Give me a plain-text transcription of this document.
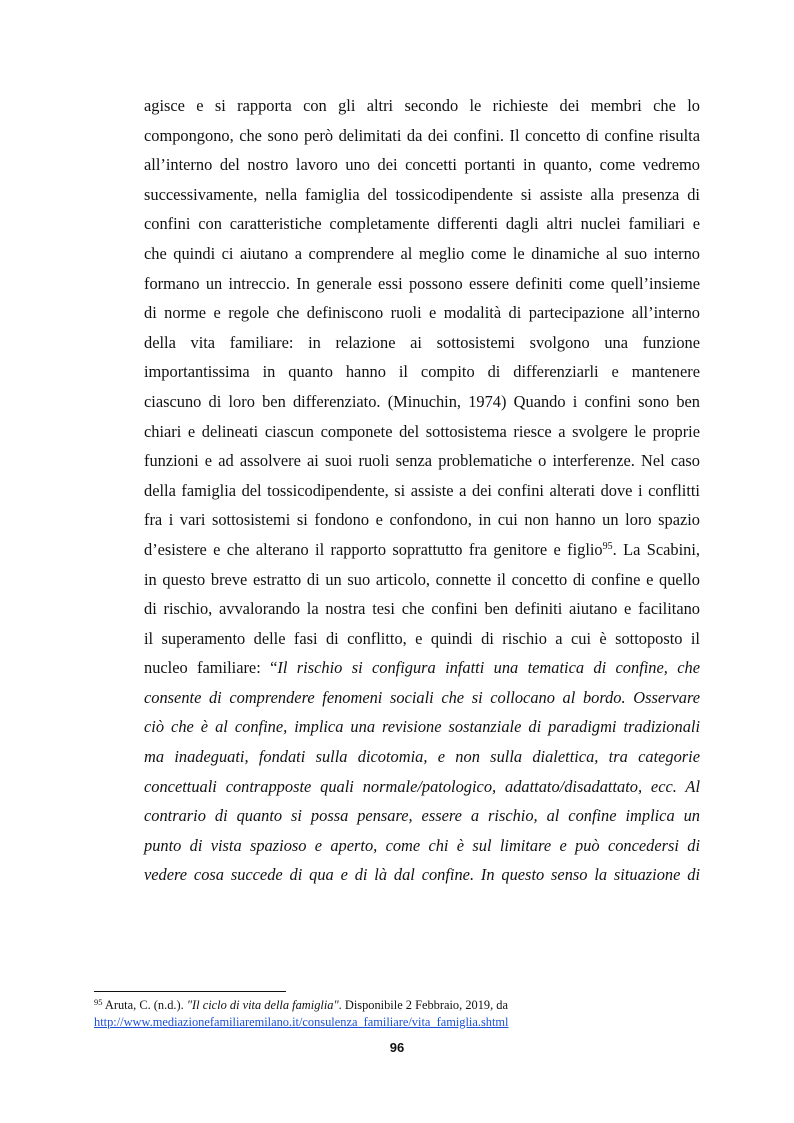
agisce e si rapporta con gli altri secondo le richieste dei membri che lo
compongono, che sono però delimitati da dei confini. Il concetto di confine risulta
all’interno del nostro lavoro uno dei concetti portanti in quanto, come vedremo
successivamente, nella famiglia del tossicodipendente si assiste alla presenza di
confini con caratteristiche completamente differenti dagli altri nuclei familiari e
che quindi ci aiutano a comprendere al meglio come le dinamiche al suo interno
formano un intreccio. In generale essi possono essere definiti come quell’insieme
di norme e regole che definiscono ruoli e modalità di partecipazione all’interno
della vita familiare: in relazione ai sottosistemi svolgono una funzione
importantissima in quanto hanno il compito di differenziarli e mantenere
ciascuno di loro ben differenziato. (Minuchin, 1974) Quando i confini sono ben
chiari e delineati ciascun componete del sottosistema riesce a svolgere le proprie
funzioni e ad assolvere ai suoi ruoli senza problematiche o interferenze. Nel caso
della famiglia del tossicodipendente, si assiste a dei confini alterati dove i conflitti
fra i vari sottosistemi si fondono e confondono, in cui non hanno un loro spazio
d’esistere e che alterano il rapporto soprattutto fra genitore e figlio$^{95}$. La Scabini,
in questo breve estratto di un suo articolo, connette il concetto di confine e quello
di rischio, avvalorando la nostra tesi che confini ben definiti aiutano e facilitano
il superamento delle fasi di conflitto, e quindi di rischio a cui è sottoposto il
nucleo familiare: “Il rischio si configura infatti una tematica di confine, che
consente di comprendere fenomeni sociali che si collocano al bordo. Osservare
ciò che è al confine, implica una revisione sostanziale di paradigmi tradizionali
ma inadeguati, fondati sulla dicotomia, e non sulla dialettica, tra categorie
concettuali contrapposte quali normale/patologico, adattato/disadattato, ecc. Al
contrario di quanto si possa pensare, essere a rischio, al confine implica un
punto di vista spazioso e aperto, come chi è sul limitare e può concedersi di
vedere cosa succede di qua e di là dal confine. In questo senso la situazione di
$^{95}$ Aruta, C. (n.d.). "Il ciclo di vita della famiglia". Disponibile 2 Febbraio, 2019, da
http://www.mediazionefamiliaremilano.it/consulenza_familiare/vita_famiglia.shtml
96
